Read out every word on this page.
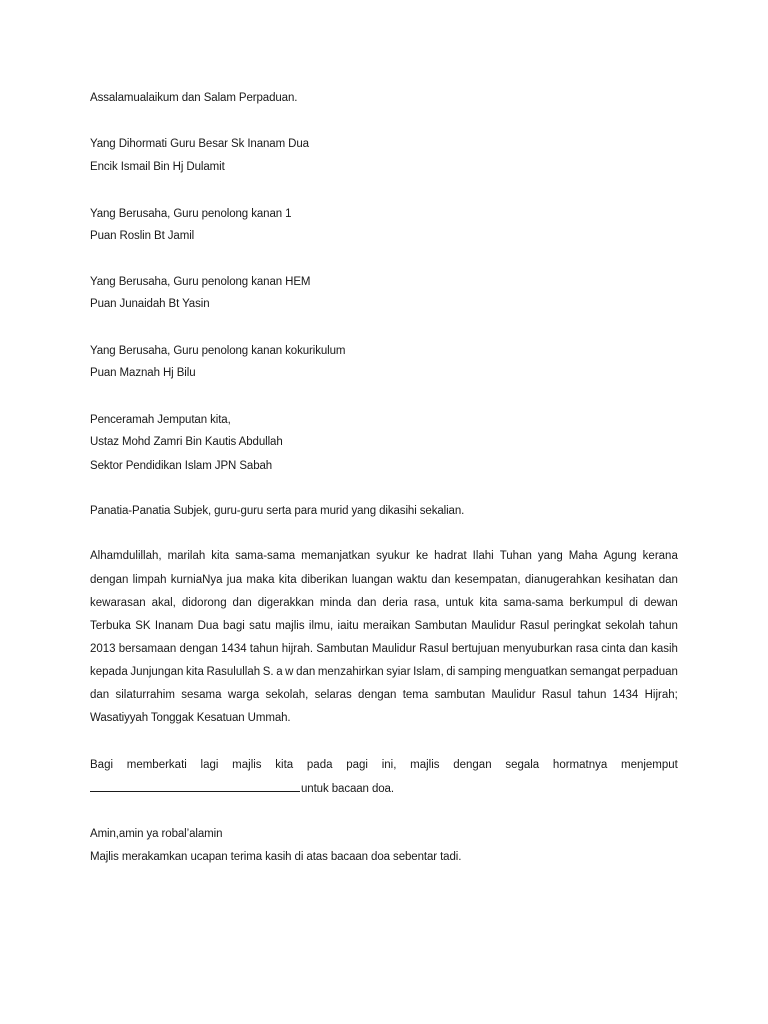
Assalamualaikum dan Salam Perpaduan.
Yang Dihormati Guru Besar Sk Inanam Dua
Encik Ismail Bin Hj Dulamit
Yang Berusaha, Guru penolong kanan 1
Puan Roslin Bt Jamil
Yang Berusaha, Guru penolong kanan HEM
Puan Junaidah Bt Yasin
Yang Berusaha, Guru penolong kanan kokurikulum
Puan Maznah Hj Bilu
Penceramah Jemputan kita,
Ustaz Mohd Zamri Bin Kautis Abdullah
Sektor Pendidikan Islam JPN Sabah
Panatia-Panatia Subjek, guru-guru serta para murid yang dikasihi sekalian.
Alhamdulillah, marilah kita sama-sama memanjatkan syukur ke hadrat Ilahi Tuhan yang Maha Agung kerana
dengan limpah kurniaNya jua maka kita diberikan luangan waktu dan kesempatan, dianugerahkan kesihatan dan
kewarasan akal, didorong dan digerakkan minda dan deria rasa, untuk kita sama-sama berkumpul di dewan
Terbuka SK Inanam Dua bagi satu majlis ilmu, iaitu meraikan Sambutan Maulidur Rasul peringkat sekolah tahun
2013 bersamaan dengan 1434 tahun hijrah. Sambutan Maulidur Rasul bertujuan menyuburkan rasa cinta dan kasih
kepada Junjungan kita Rasulullah S. a w dan menzahirkan syiar Islam, di samping menguatkan semangat perpaduan
dan silaturrahim sesama warga sekolah, selaras dengan tema sambutan Maulidur Rasul tahun 1434 Hijrah;
Wasatiyyah Tonggak Kesatuan Ummah.
Bagi memberkati lagi majlis kita pada pagi ini, majlis dengan segala hormatnya menjemput
untuk bacaan doa.
Amin,amin ya robal’alamin
Majlis merakamkan ucapan terima kasih di atas bacaan doa sebentar tadi.
